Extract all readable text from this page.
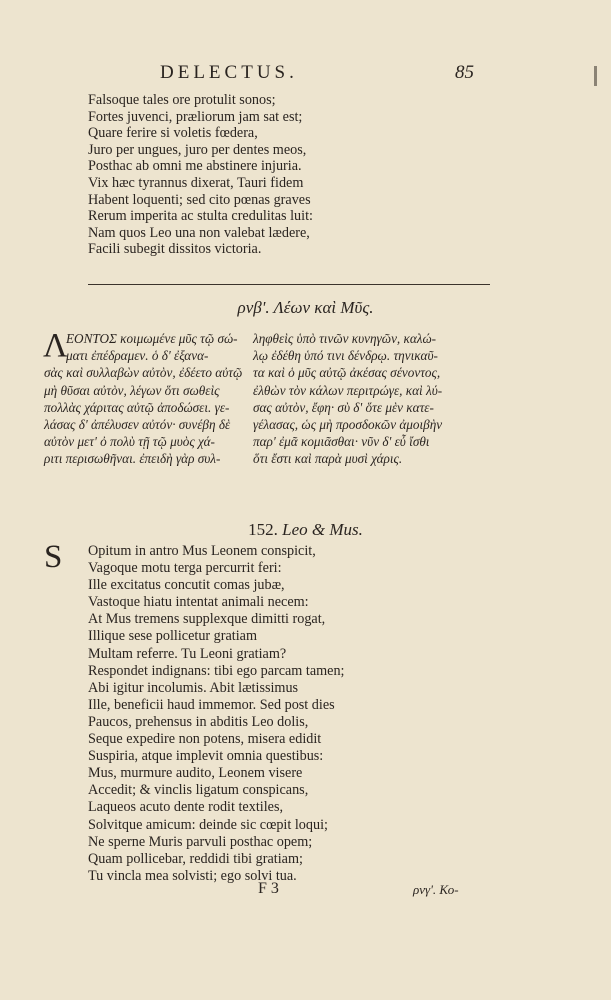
DELECTUS.	85
Falsoque tales ore protulit sonos;
Fortes juvenci, præliorum jam sat est;
Quare ferire si voletis fœdera,
Juro per ungues, juro per dentes meos,
Posthac ab omni me abstinere injuria.
Vix hæc tyrannus dixerat, Tauri fidem
Habent loquenti; sed cito pœnas graves
Rerum imperita ac stulta credulitas luit:
Nam quos Leo una non valebat lædere,
Facili subegit dissitos victoria.
ρνβ'. Λέων καὶ Μῦς.
Λ
ΕΟΝΤΟΣ κοιμωμένε μῦς τῷ σώ-
ματι ἐπέδραμεν. ὁ δ' ἐξανα-
σὰς καὶ συλλαβὼν αὐτὸν, ἐδέετο αὐτῷ
μὴ θῦσαι αὐτὸν, λέγων ὅτι σωθεὶς
πολλὰς χάριτας αὐτῷ ἀποδώσει. γε-
λάσας δ' ἀπέλυσεν αὐτόν· συνέβη δὲ
αὐτὸν μετ' ὀ πολὺ τῇ τῷ μυὸς χά-
ριτι περισωθῆναι. ἐπειδὴ γὰρ συλ-
ληφθεὶς ὑπὸ τινῶν κυνηγῶν, καλώ-
λῳ ἐδέθη ὑπό τινι δένδρῳ. τηνικαῦ-
τα καὶ ὁ μῦς αὐτῷ ἀκέσας σένοντος,
ἐλθὼν τὸν κάλων περιτρώγε, καὶ λύ-
σας αὐτὸν, ἔφη· σὺ δ' ὅτε μὲν κατε-
γέλασας, ὡς μὴ προσδοκῶν ἀμοιβὴν
παρ' ἐμᾶ κομιᾶσθαι· νῦν δ' εὖ ἴσθι
ὅτι ἔστι καὶ παρὰ μυσὶ χάρις.
152. Leo & Mus.
S Opitum in antro Mus Leonem conspicit,
Vagoque motu terga percurrit feri:
Ille excitatus concutit comas jubæ,
Vastoque hiatu intentat animali necem:
At Mus tremens supplexque dimitti rogat,
Illique sese pollicetur gratiam
Multam referre. Tu Leoni gratiam?
Respondet indignans: tibi ego parcam tamen;
Abi igitur incolumis. Abit lætissimus
Ille, beneficii haud immemor. Sed post dies
Paucos, prehensus in abditis Leo dolis,
Seque expedire non potens, misera edidit
Suspiria, atque implevit omnia questibus:
Mus, murmure audito, Leonem visere
Accedit; & vinclis ligatum conspicans,
Laqueos acuto dente rodit textiles,
Solvitque amicum: deinde sic cœpit loqui;
Ne sperne Muris parvuli posthac opem;
Quam pollicebar, reddidi tibi gratiam;
Tu vincla mea solvisti; ego solvi tua.
F 3	ρνγ'. Κο-
